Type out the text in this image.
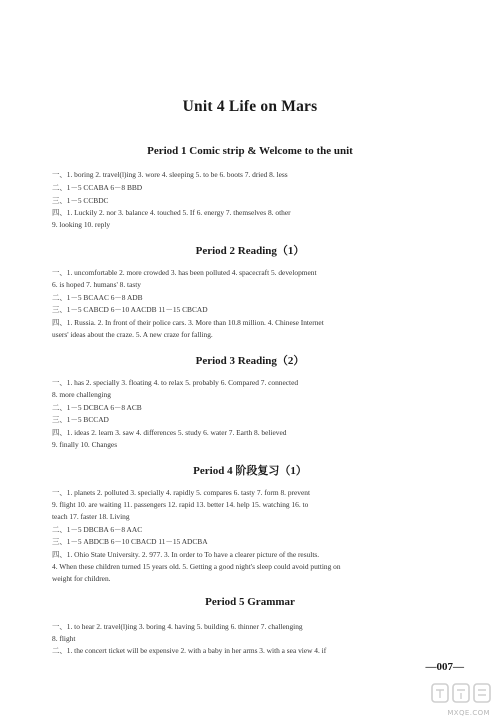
Unit 4 Life on Mars
Period 1 Comic strip & Welcome to the unit
一、1. boring 2. travel(l)ing 3. wore 4. sleeping 5. to be 6. boots 7. dried 8. less
二、1－5 CCABA 6－8 BBD
三、1－5 CCBDC
四、1. Luckily 2. nor 3. balance 4. touched 5. If 6. energy 7. themselves 8. other
9. looking 10. reply
Period 2 Reading（1）
一、1. uncomfortable 2. more crowded 3. has been polluted 4. spacecraft 5. development
6. is hoped 7. humans' 8. tasty
二、1－5 BCAAC 6－8 ADB
三、1－5 CABCD 6－10 AACDB 11－15 CBCAD
四、1. Russia. 2. In front of their police cars. 3. More than 10.8 million. 4. Chinese Internet
users' ideas about the craze. 5. A new craze for falling.
Period 3 Reading（2）
一、1. has 2. specially 3. floating 4. to relax 5. probably 6. Compared 7. connected
8. more challenging
二、1－5 DCBCA 6－8 ACB
三、1－5 BCCAD
四、1. ideas 2. learn 3. saw 4. differences 5. study 6. water 7. Earth 8. believed
9. finally 10. Changes
Period 4 阶段复习（1）
一、1. planets 2. polluted 3. specially 4. rapidly 5. compares 6. tasty 7. form 8. prevent
9. flight 10. are waiting 11. passengers 12. rapid 13. better 14. help 15. watching 16. to
teach 17. faster 18. Living
二、1－5 DBCBA 6－8 AAC
三、1－5 ABDCB 6－10 CBACD 11－15 ADCBA
四、1. Ohio State University. 2. 977. 3. In order to To have a clearer picture of the results.
4. When these children turned 15 years old. 5. Getting a good night's sleep could avoid putting on
weight for children.
Period 5 Grammar
一、1. to hear 2. travel(l)ing 3. boring 4. having 5. building 6. thinner 7. challenging
8. flight
二、1. the concert ticket will be expensive 2. with a baby in her arms 3. with a sea view 4. if
—007—
MXQE.COM
